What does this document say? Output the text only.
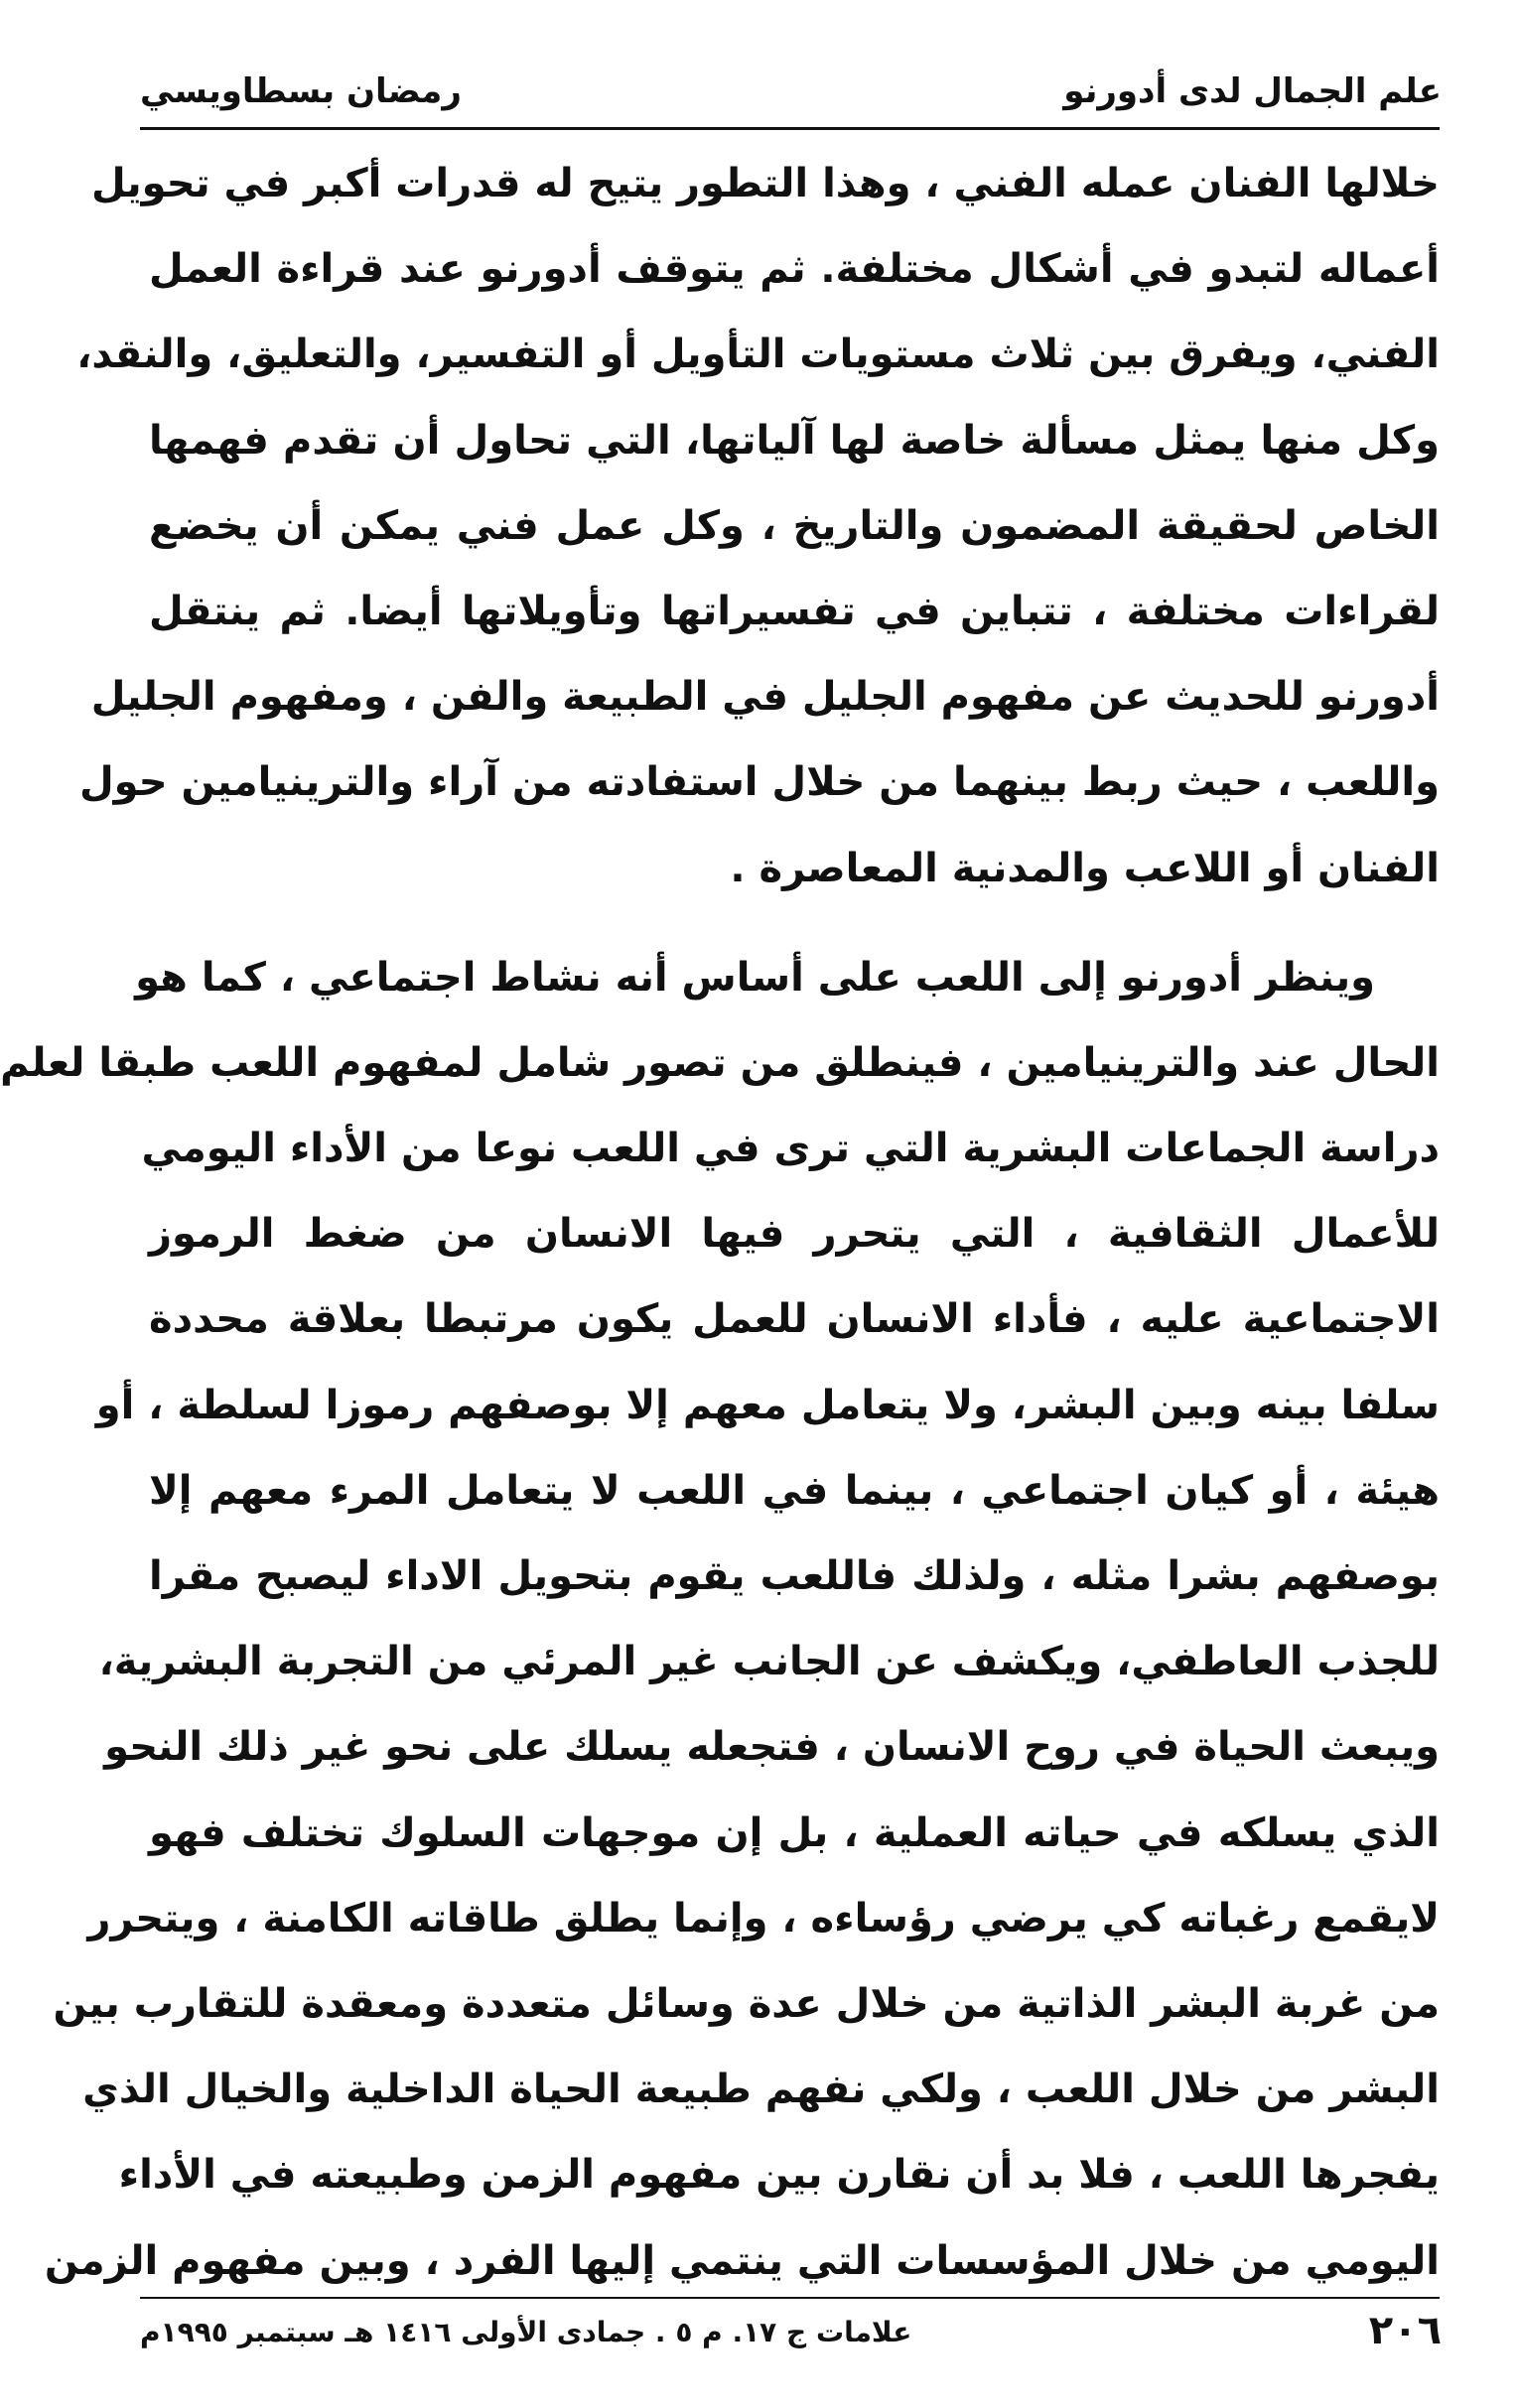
علم الجمال لدى أدورنو
رمضان بسطاويسي
خلالها الفنان عمله الفني ، وهذا التطور يتيح له قدرات أكبر في تحويل
أعماله لتبدو في أشكال مختلفة. ثم يتوقف أدورنو عند قراءة العمل
الفني، ويفرق بين ثلاث مستويات التأويل أو التفسير، والتعليق، والنقد،
وكل منها يمثل مسألة خاصة لها آلياتها، التي تحاول أن تقدم فهمها
الخاص لحقيقة المضمون والتاريخ ، وكل عمل فني يمكن أن يخضع
لقراءات مختلفة ، تتباين في تفسيراتها وتأويلاتها أيضا. ثم ينتقل
أدورنو للحديث عن مفهوم الجليل في الطبيعة والفن ، ومفهوم الجليل
واللعب ، حيث ربط بينهما من خلال استفادته من آراء والترينيامين حول
الفنان أو اللاعب والمدنية المعاصرة .
وينظر أدورنو إلى اللعب على أساس أنه نشاط اجتماعي ، كما هو
الحال عند والترينيامين ، فينطلق من تصور شامل لمفهوم اللعب طبقا لعلم
دراسة الجماعات البشرية التي ترى في اللعب نوعا من الأداء اليومي
للأعمال الثقافية ، التي يتحرر فيها الانسان من ضغط الرموز
الاجتماعية عليه ، فأداء الانسان للعمل يكون مرتبطا بعلاقة محددة
سلفا بينه وبين البشر، ولا يتعامل معهم إلا بوصفهم رموزا لسلطة ، أو
هيئة ، أو كيان اجتماعي ، بينما في اللعب لا يتعامل المرء معهم إلا
بوصفهم بشرا مثله ، ولذلك فاللعب يقوم بتحويل الاداء ليصبح مقرا
للجذب العاطفي، ويكشف عن الجانب غير المرئي من التجربة البشرية،
ويبعث الحياة في روح الانسان ، فتجعله يسلك على نحو غير ذلك النحو
الذي يسلكه في حياته العملية ، بل إن موجهات السلوك تختلف فهو
لايقمع رغباته كي يرضي رؤساءه ، وإنما يطلق طاقاته الكامنة ، ويتحرر
من غربة البشر الذاتية من خلال عدة وسائل متعددة ومعقدة للتقارب بين
البشر من خلال اللعب ، ولكي نفهم طبيعة الحياة الداخلية والخيال الذي
يفجرها اللعب ، فلا بد أن نقارن بين مفهوم الزمن وطبيعته في الأداء
اليومي من خلال المؤسسات التي ينتمي إليها الفرد ، وبين مفهوم الزمن
٢٠٦
علامات ج ١٧. م ٥ . جمادى الأولى ١٤١٦ هـ سبتمبر ١٩٩٥م
